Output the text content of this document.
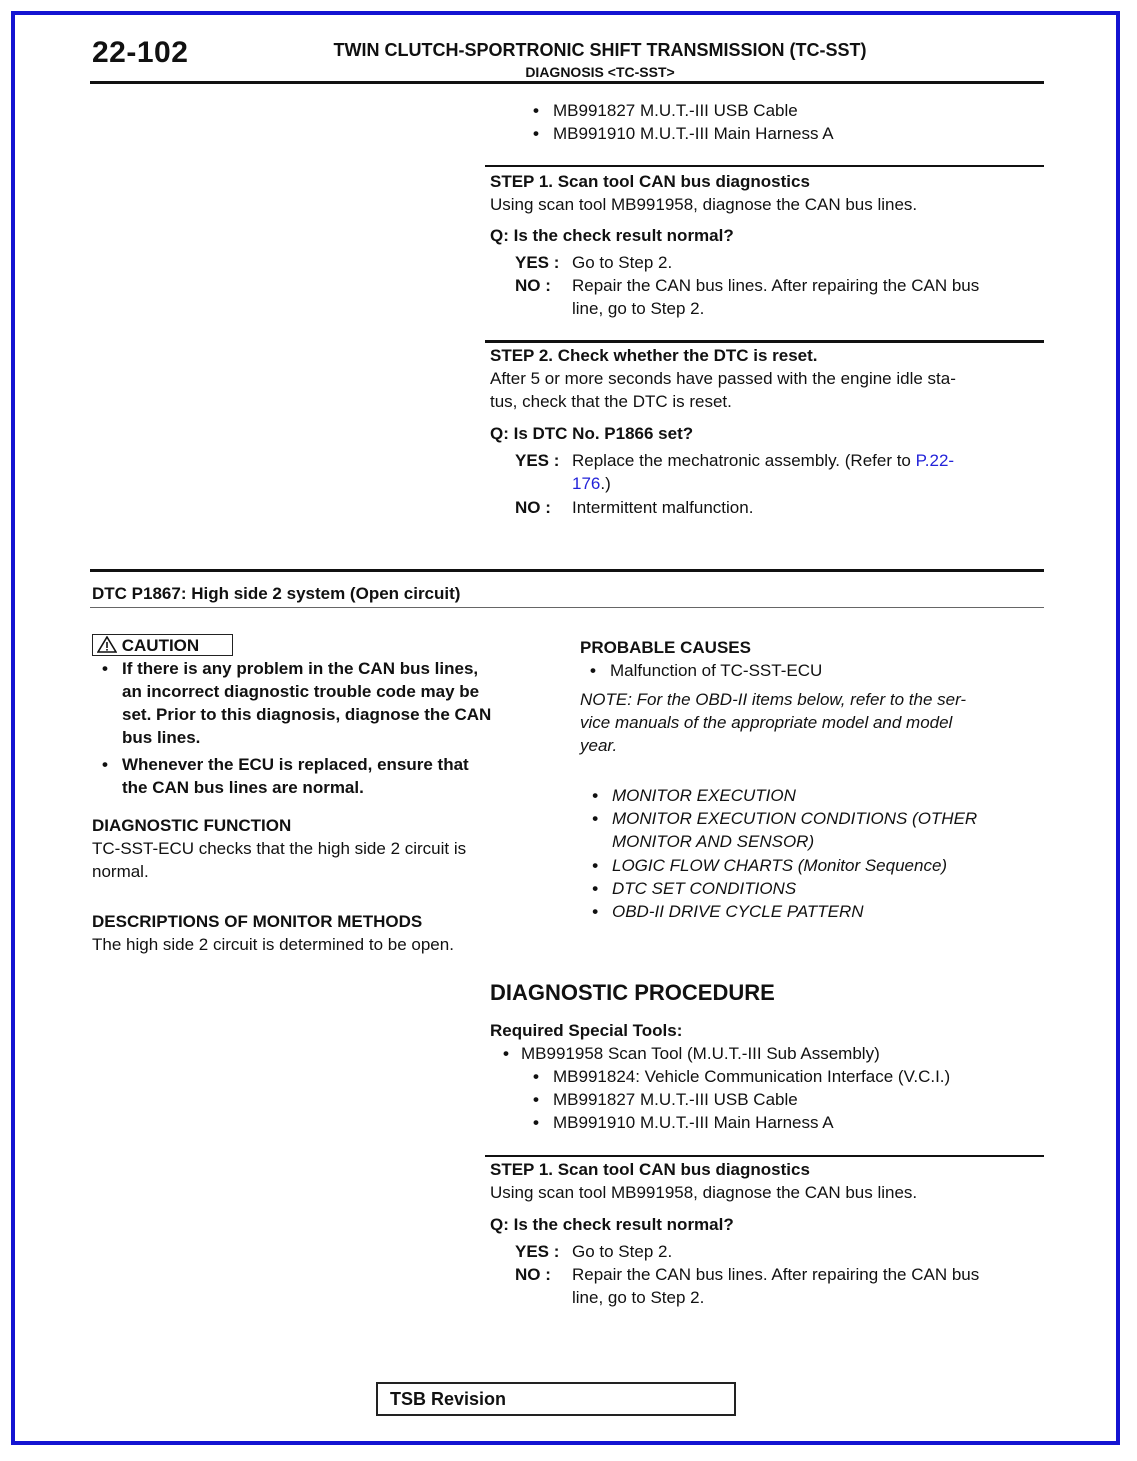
22-102	TWIN CLUTCH-SPORTRONIC SHIFT TRANSMISSION (TC-SST)
DIAGNOSIS <TC-SST>
• MB991827 M.U.T.-III USB Cable
• MB991910 M.U.T.-III Main Harness A
STEP 1. Scan tool CAN bus diagnostics
Using scan tool MB991958, diagnose the CAN bus lines.
Q: Is the check result normal?
YES : Go to Step 2.
NO : Repair the CAN bus lines. After repairing the CAN bus
line, go to Step 2.
STEP 2. Check whether the DTC is reset.
After 5 or more seconds have passed with the engine idle sta-
tus, check that the DTC is reset.
Q: Is DTC No. P1866 set?
YES : Replace the mechatronic assembly. (Refer to P.22-
176.)
NO : Intermittent malfunction.
DTC P1867: High side 2 system (Open circuit)
CAUTION
• If there is any problem in the CAN bus lines,
an incorrect diagnostic trouble code may be
set. Prior to this diagnosis, diagnose the CAN
bus lines.
• Whenever the ECU is replaced, ensure that
the CAN bus lines are normal.
DIAGNOSTIC FUNCTION
TC-SST-ECU checks that the high side 2 circuit is
normal.
DESCRIPTIONS OF MONITOR METHODS
The high side 2 circuit is determined to be open.
PROBABLE CAUSES
• Malfunction of TC-SST-ECU
NOTE: For the OBD-II items below, refer to the ser-
vice manuals of the appropriate model and model
year.
• MONITOR EXECUTION
• MONITOR EXECUTION CONDITIONS (OTHER
MONITOR AND SENSOR)
• LOGIC FLOW CHARTS (Monitor Sequence)
• DTC SET CONDITIONS
• OBD-II DRIVE CYCLE PATTERN
DIAGNOSTIC PROCEDURE
Required Special Tools:
• MB991958 Scan Tool (M.U.T.-III Sub Assembly)
• MB991824: Vehicle Communication Interface (V.C.I.)
• MB991827 M.U.T.-III USB Cable
• MB991910 M.U.T.-III Main Harness A
STEP 1. Scan tool CAN bus diagnostics
Using scan tool MB991958, diagnose the CAN bus lines.
Q: Is the check result normal?
YES : Go to Step 2.
NO : Repair the CAN bus lines. After repairing the CAN bus
line, go to Step 2.
TSB Revision
